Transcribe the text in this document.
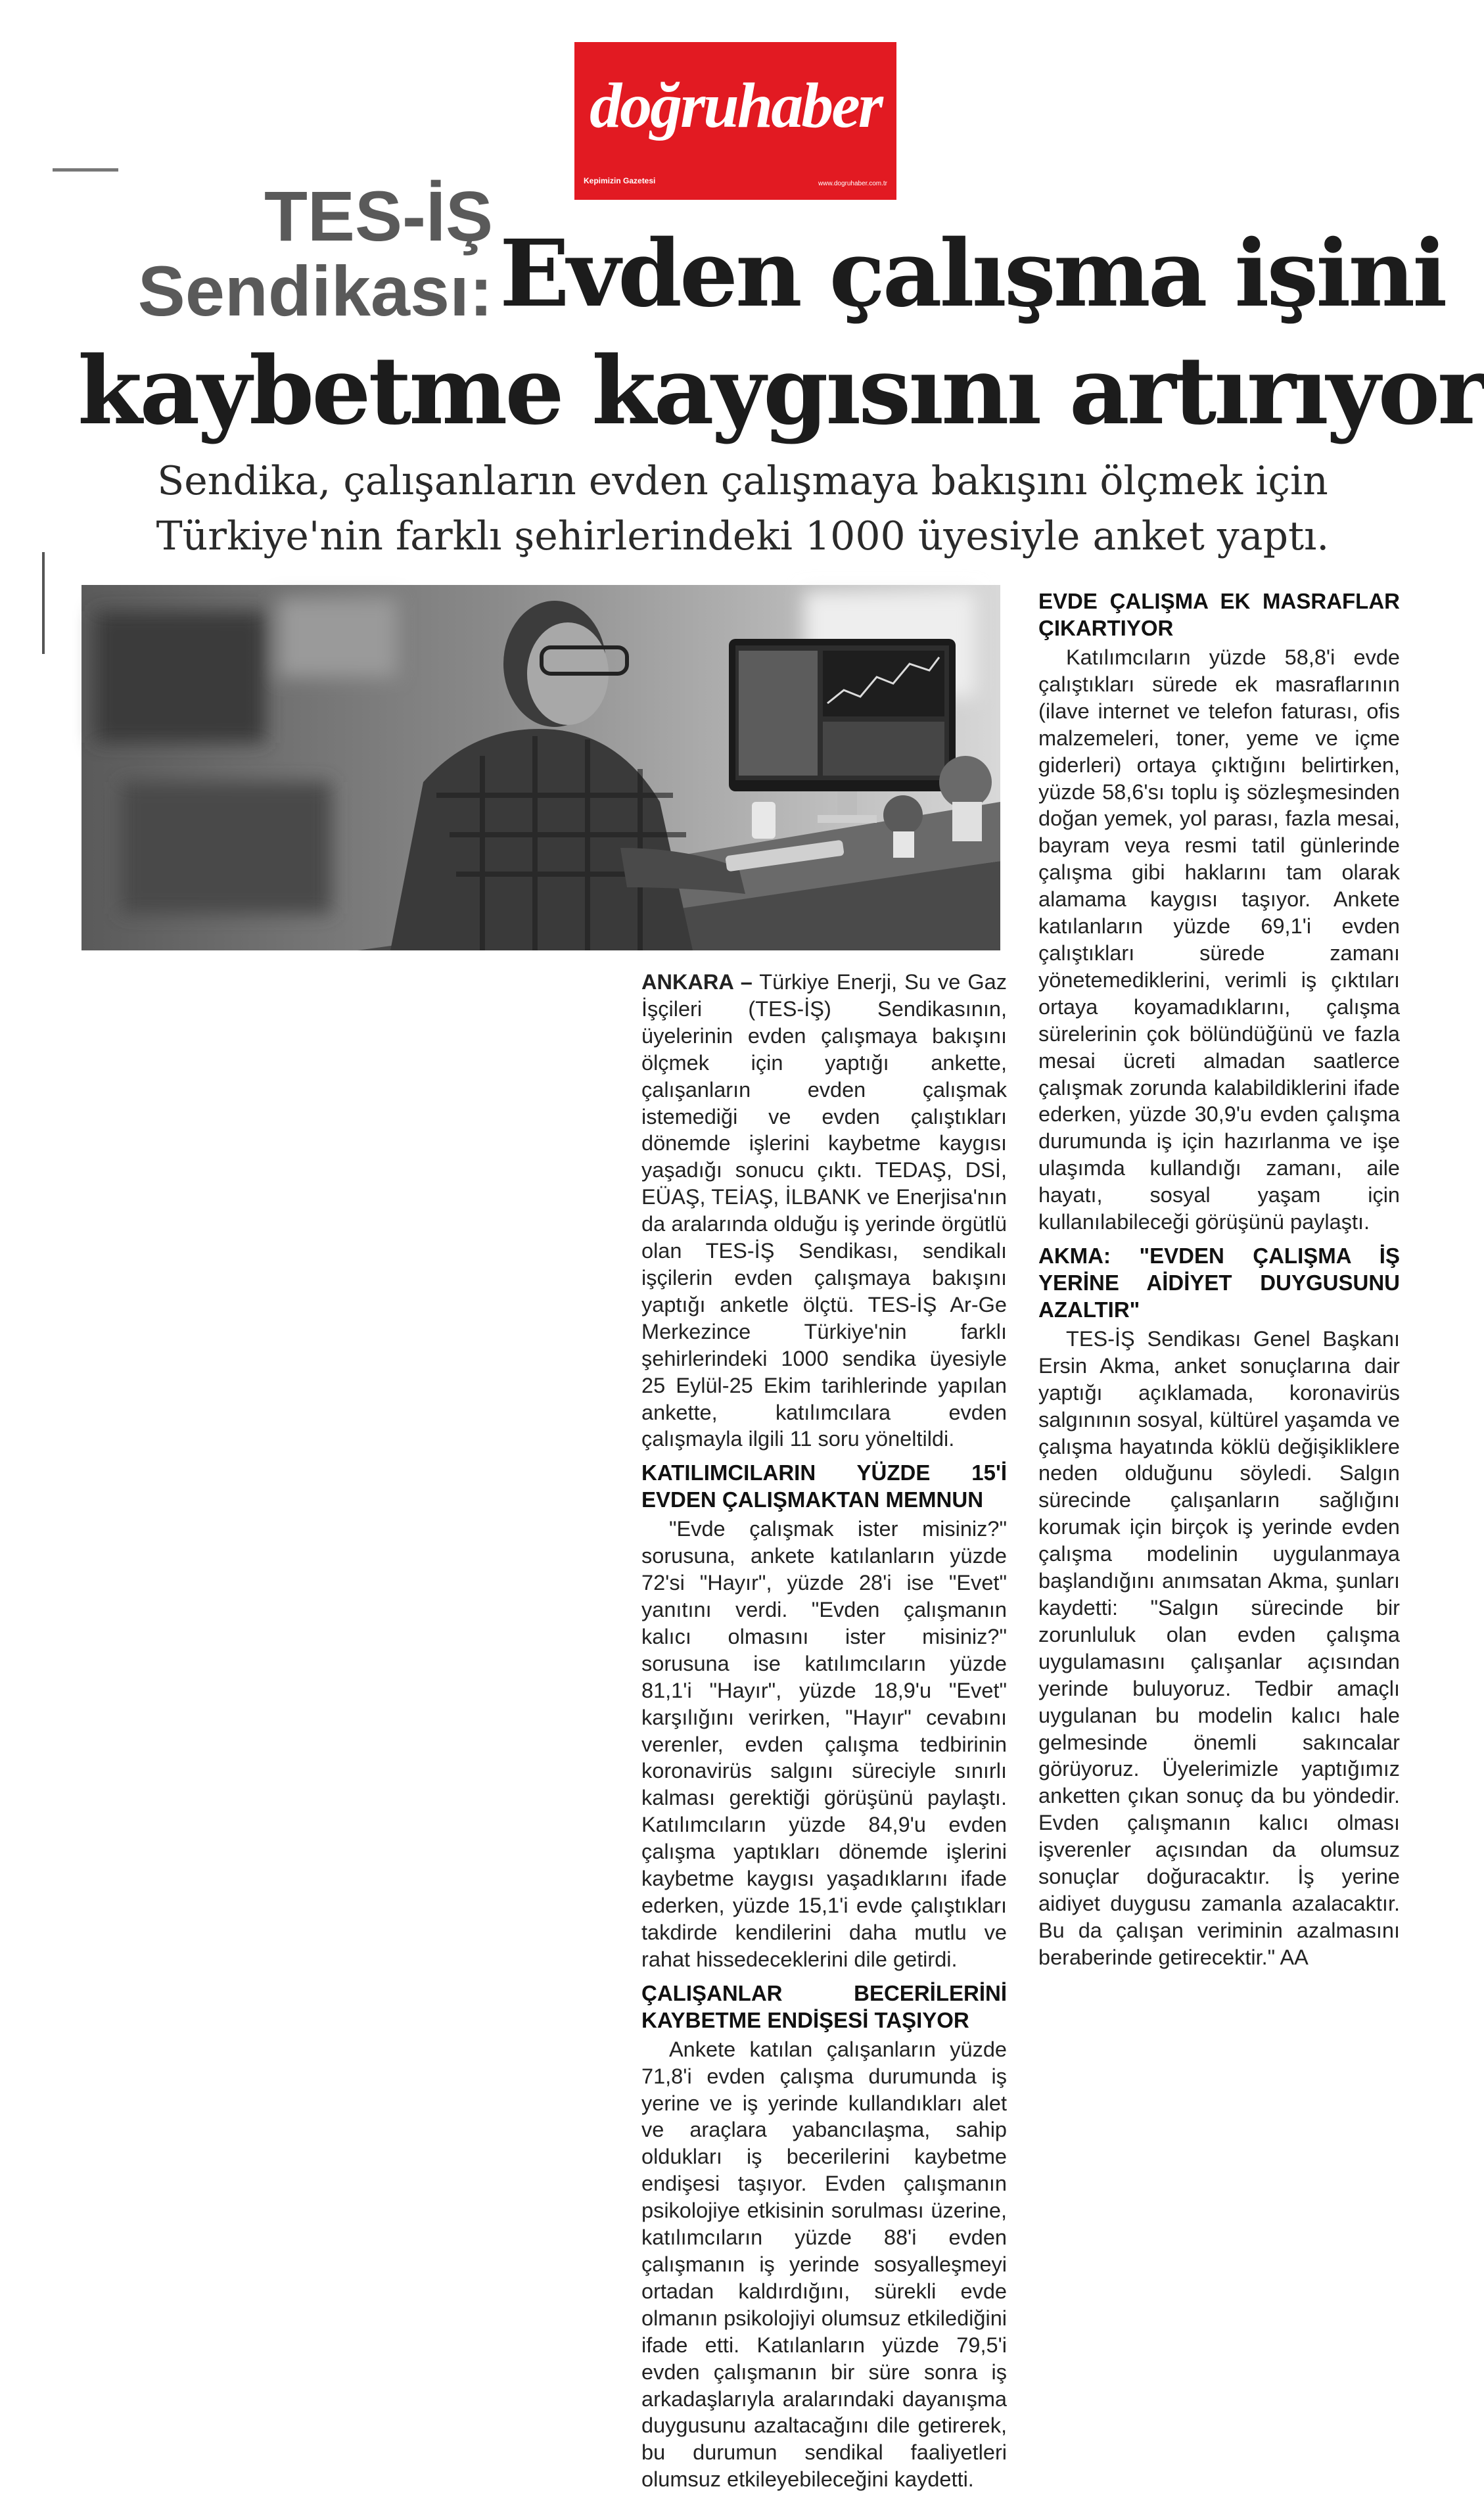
doğruhaber
Kepimizin Gazetesi	www.dogruhaber.com.tr
TES-İŞ
Sendikası: Evden çalışma işini
kaybetme kaygısını artırıyor
Sendika, çalışanların evden çalışmaya bakışını ölçmek için
Türkiye'nin farklı şehirlerindeki 1000 üyesiyle anket yaptı.

ANKARA – Türkiye Enerji, Su ve Gaz İşçileri (TES-İŞ) Sendikasının, üyelerinin evden çalışmaya bakışını ölçmek için yaptığı ankette, çalışanların evden çalışmak istemediği ve evden çalıştıkları dönemde işlerini kaybetme kaygısı yaşadığı sonucu çıktı. TEDAŞ, DSİ, EÜAŞ, TEİAŞ, İLBANK ve Enerjisa'nın da aralarında olduğu iş yerinde örgütlü olan TES-İŞ Sendikası, sendikalı işçilerin evden çalışmaya bakışını yaptığı anketle ölçtü. TES-İŞ Ar-Ge Merkezince Türkiye'nin farklı şehirlerindeki 1000 sendika üyesiyle 25 Eylül-25 Ekim tarihlerinde yapılan ankette, katılımcılara evden çalışmayla ilgili 11 soru yöneltildi.

KATILIMCILARIN YÜZDE 15'İ EVDEN ÇALIŞMAKTAN MEMNUN

"Evde çalışmak ister misiniz?" sorusuna, ankete katılanların yüzde 72'si "Hayır", yüzde 28'i ise "Evet" yanıtını verdi. "Evden çalışmanın kalıcı olmasını ister misiniz?" sorusuna ise katılımcıların yüzde 81,1'i "Hayır", yüzde 18,9'u "Evet" karşılığını verirken, "Hayır" cevabını verenler, evden çalışma tedbirinin koronavirüs salgını süreciyle sınırlı kalması gerektiği görüşünü paylaştı. Katılımcıların yüzde 84,9'u evden çalışma yaptıkları dönemde işlerini kaybetme kaygısı yaşadıklarını ifade ederken, yüzde 15,1'i evde çalıştıkları takdirde kendilerini daha mutlu ve rahat hissedeceklerini dile getirdi.

ÇALIŞANLAR BECERİLERİNİ KAYBETME ENDİŞESİ TAŞIYOR

Ankete katılan çalışanların yüzde 71,8'i evden çalışma durumunda iş yerine ve iş yerinde kullandıkları alet ve araçlara yabancılaşma, sahip oldukları iş becerilerini kaybetme endişesi taşıyor. Evden çalışmanın psikolojiye etkisinin sorulması üzerine, katılımcıların yüzde 88'i evden çalışmanın iş yerinde sosyalleşmeyi ortadan kaldırdığını, sürekli evde olmanın psikolojiyi olumsuz etkilediğini ifade etti. Katılanların yüzde 79,5'i evden çalışmanın bir süre sonra iş arkadaşlarıyla aralarındaki dayanışma duygusunu azaltacağını dile getirerek, bu durumun sendikal faaliyetleri olumsuz etkileyebileceğini kaydetti.

EVDE ÇALIŞMA EK MASRAFLAR ÇIKARTIYOR

Katılımcıların yüzde 58,8'i evde çalıştıkları sürede ek masraflarının (ilave internet ve telefon faturası, ofis malzemeleri, toner, yeme ve içme giderleri) ortaya çıktığını belirtirken, yüzde 58,6'sı toplu iş sözleşmesinden doğan yemek, yol parası, fazla mesai, bayram veya resmi tatil günlerinde çalışma gibi haklarını tam olarak alamama kaygısı taşıyor. Ankete katılanların yüzde 69,1'i evden çalıştıkları sürede zamanı yönetemediklerini, verimli iş çıktıları ortaya koyamadıklarını, çalışma sürelerinin çok bölündüğünü ve fazla mesai ücreti almadan saatlerce çalışmak zorunda kalabildiklerini ifade ederken, yüzde 30,9'u evden çalışma durumunda iş için hazırlanma ve işe ulaşımda kullandığı zamanı, aile hayatı, sosyal yaşam için kullanılabileceği görüşünü paylaştı.

AKMA: "EVDEN ÇALIŞMA İŞ YERİNE AİDİYET DUYGUSUNU AZALTIR"

TES-İŞ Sendikası Genel Başkanı Ersin Akma, anket sonuçlarına dair yaptığı açıklamada, koronavirüs salgınının sosyal, kültürel yaşamda ve çalışma hayatında köklü değişikliklere neden olduğunu söyledi. Salgın sürecinde çalışanların sağlığını korumak için birçok iş yerinde evden çalışma modelinin uygulanmaya başlandığını anımsatan Akma, şunları kaydetti: "Salgın sürecinde bir zorunluluk olan evden çalışma uygulamasını çalışanlar açısından yerinde buluyoruz. Tedbir amaçlı uygulanan bu modelin kalıcı hale gelmesinde önemli sakıncalar görüyoruz. Üyelerimizle yaptığımız anketten çıkan sonuç da bu yöndedir. Evden çalışmanın kalıcı olması işverenler açısından da olumsuz sonuçlar doğuracaktır. İş yerine aidiyet duygusu zamanla azalacaktır. Bu da çalışan veriminin azalmasını beraberinde getirecektir." AA
